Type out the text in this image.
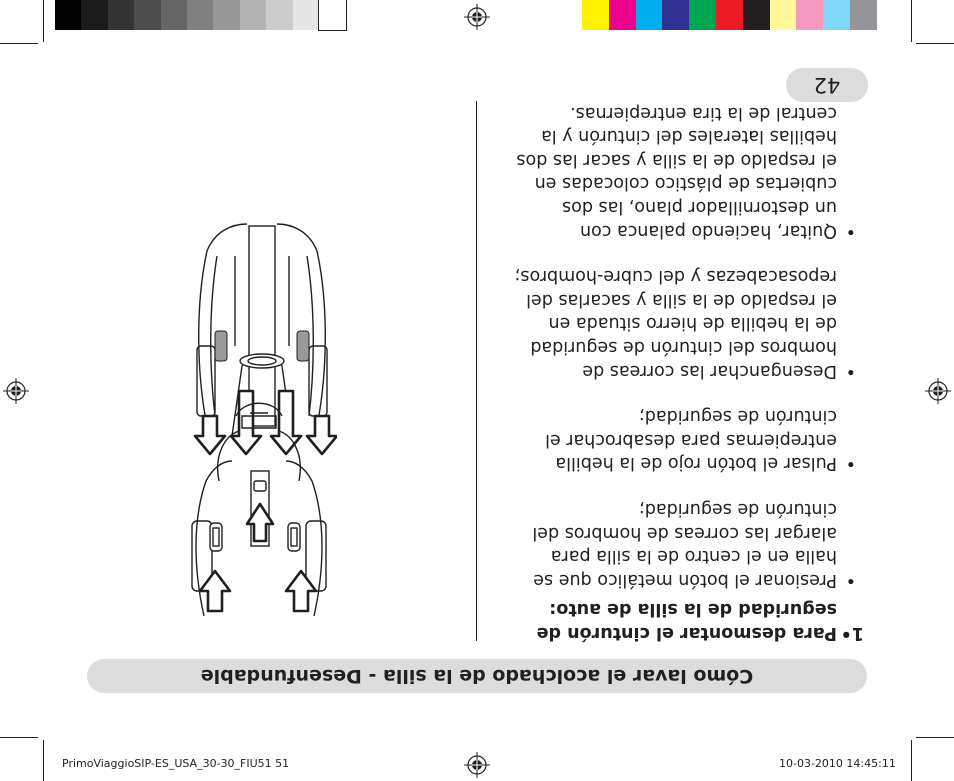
PrimoViaggioSIP-ES_USA_30-30_FIU51 51	10-03-2010 14:45:11
Cómo lavar el acolchado de la silla - Desenfundable
1•
Para desmontar el cinturón de
seguridad de la silla de auto:
•
Presionar el botón metálico que se
halla en el centro de la silla para
alargar las correas de hombros del
cinturón de seguridad;
•
Pulsar el botón rojo de la hebilla
entrepiernas para desabrochar el
cinturón de seguridad;
•
Desenganchar las correas de
hombros del cinturón de seguridad
de la hebilla de hierro situada en
el respaldo de la silla y sacarlas del
reposacabezas y del cubre-hombros;
•
Quitar, haciendo palanca con
un destornillador plano, las dos
cubiertas de plástico colocadas en
el respaldo de la silla y sacar las dos
hebillas laterales del cinturón y la
central de la tira entrepiernas.
42
